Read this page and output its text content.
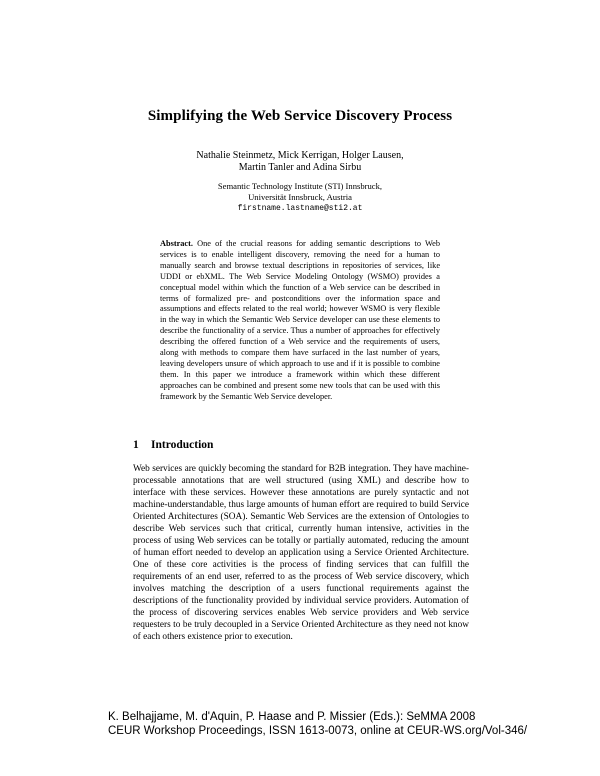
Simplifying the Web Service Discovery Process
Nathalie Steinmetz, Mick Kerrigan, Holger Lausen,
Martin Tanler and Adina Sirbu
Semantic Technology Institute (STI) Innsbruck,
Universität Innsbruck, Austria
firstname.lastname@sti2.at
Abstract. One of the crucial reasons for adding semantic descriptions to Web services is to enable intelligent discovery, removing the need for a human to manually search and browse textual descriptions in repositories of services, like UDDI or ebXML. The Web Service Modeling Ontology (WSMO) provides a conceptual model within which the function of a Web service can be described in terms of formalized pre- and postconditions over the information space and assumptions and effects related to the real world; however WSMO is very flexible in the way in which the Semantic Web Service developer can use these elements to describe the functionality of a service. Thus a number of approaches for effectively describing the offered function of a Web service and the requirements of users, along with methods to compare them have surfaced in the last number of years, leaving developers unsure of which approach to use and if it is possible to combine them. In this paper we introduce a framework within which these different approaches can be combined and present some new tools that can be used with this framework by the Semantic Web Service developer.
1 Introduction
Web services are quickly becoming the standard for B2B integration. They have machine-processable annotations that are well structured (using XML) and describe how to interface with these services. However these annotations are purely syntactic and not machine-understandable, thus large amounts of human effort are required to build Service Oriented Architectures (SOA). Semantic Web Services are the extension of Ontologies to describe Web services such that critical, currently human intensive, activities in the process of using Web services can be totally or partially automated, reducing the amount of human effort needed to develop an application using a Service Oriented Architecture. One of these core activities is the process of finding services that can fulfill the requirements of an end user, referred to as the process of Web service discovery, which involves matching the description of a users functional requirements against the descriptions of the functionality provided by individual service providers. Automation of the process of discovering services enables Web service providers and Web service requesters to be truly decoupled in a Service Oriented Architecture as they need not know of each others existence prior to execution.
K. Belhajjame, M. d'Aquin, P. Haase and P. Missier (Eds.): SeMMA 2008
CEUR Workshop Proceedings, ISSN 1613-0073, online at CEUR-WS.org/Vol-346/
